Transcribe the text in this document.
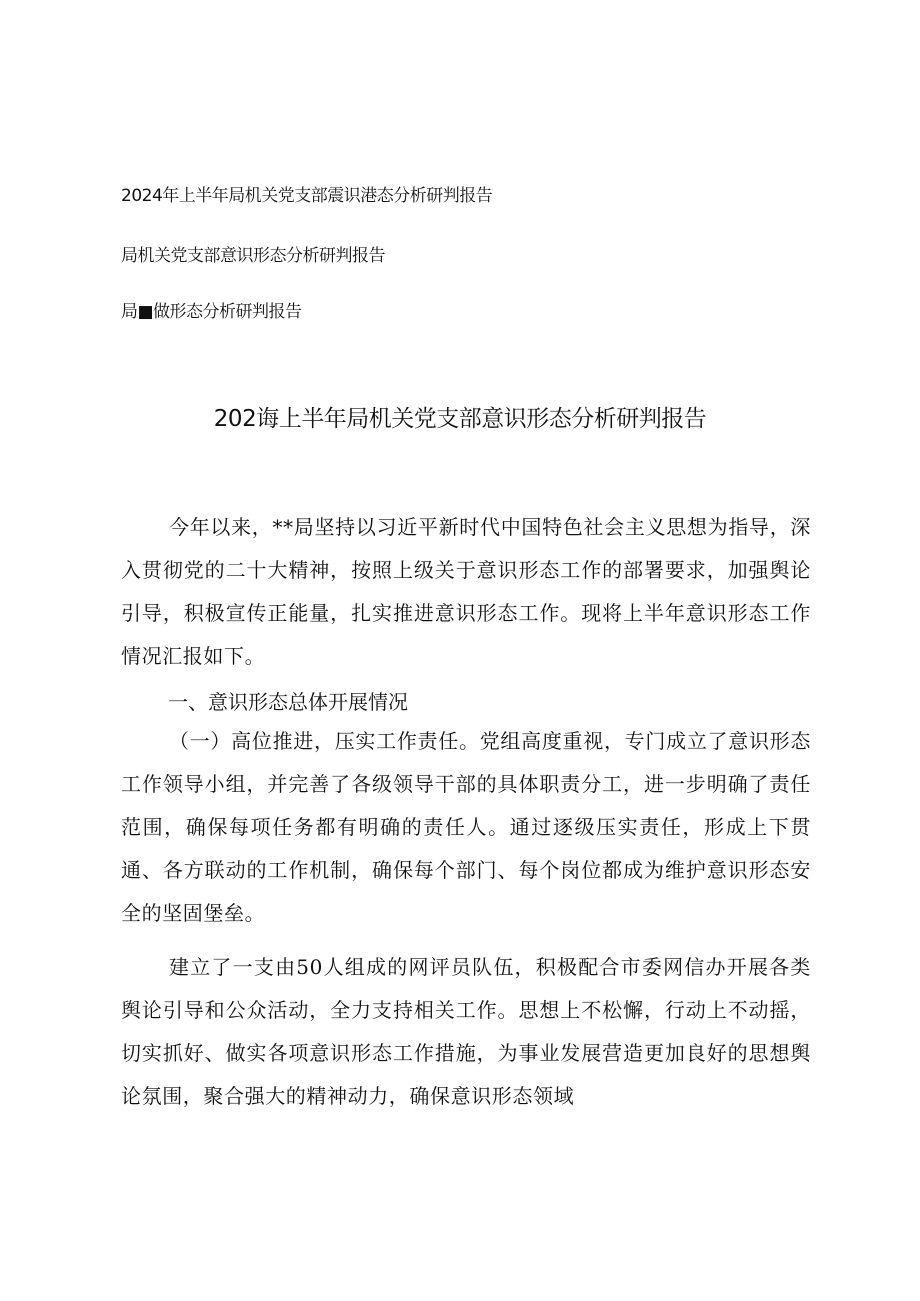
2024年上半年局机关党支部震识港态分析研判报告
局机关党支部意识形态分析研判报告
局■做形态分析研判报告
202诲上半年局机关党支部意识形态分析研判报告
今年以来，**局坚持以习近平新时代中国特色社会主义思想为指导，深入贯彻党的二十大精神，按照上级关于意识形态工作的部署要求，加强舆论引导，积极宣传正能量，扎实推进意识形态工作。现将上半年意识形态工作情况汇报如下。
一、意识形态总体开展情况
（一）高位推进，压实工作责任。党组高度重视，专门成立了意识形态工作领导小组，并完善了各级领导干部的具体职责分工，进一步明确了责任范围，确保每项任务都有明确的责任人。通过逐级压实责任，形成上下贯通、各方联动的工作机制，确保每个部门、每个岗位都成为维护意识形态安全的坚固堡垒。
建立了一支由50人组成的网评员队伍，积极配合市委网信办开展各类舆论引导和公众活动，全力支持相关工作。思想上不松懈，行动上不动摇，切实抓好、做实各项意识形态工作措施，为事业发展营造更加良好的思想舆论氛围，聚合强大的精神动力，确保意识形态领域
